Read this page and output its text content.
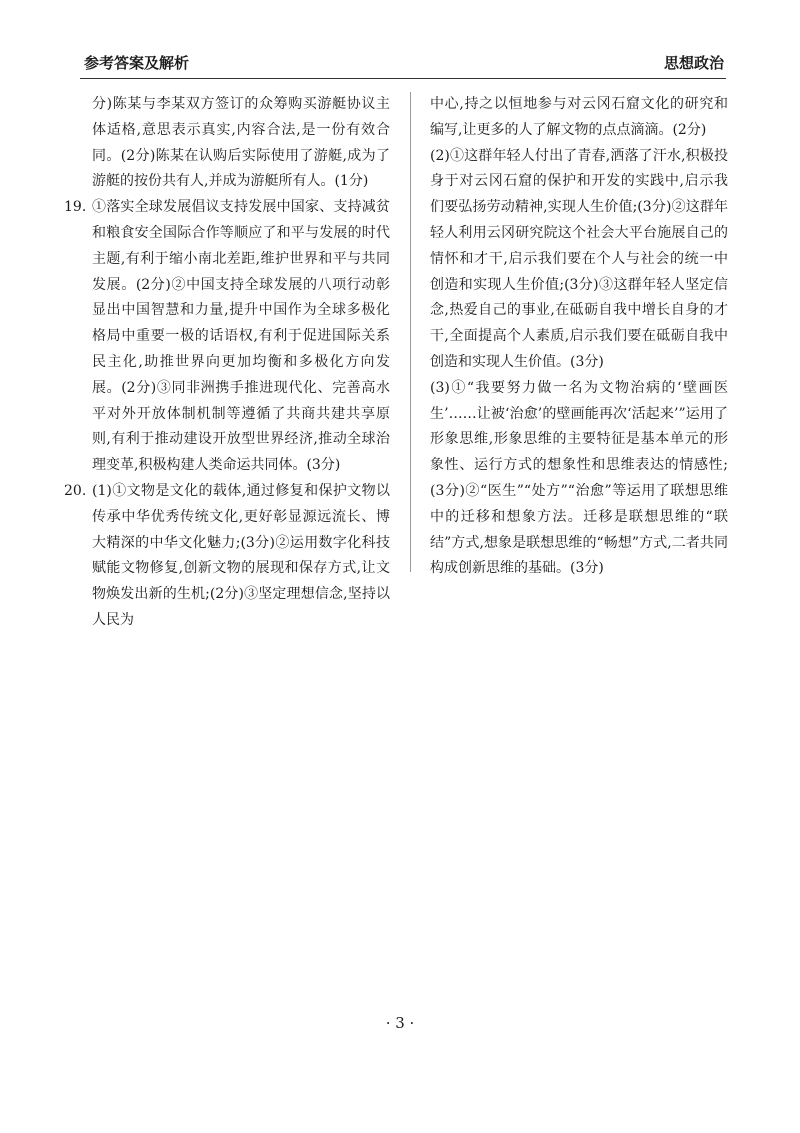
参考答案及解析	思想政治

分)陈某与李某双方签订的众筹购买游艇协议主体适格,意思表示真实,内容合法,是一份有效合同。(2分)陈某在认购后实际使用了游艇,成为了游艇的按份共有人,并成为游艇所有人。(1分)

19. ①落实全球发展倡议支持发展中国家、支持减贫和粮食安全国际合作等顺应了和平与发展的时代主题,有利于缩小南北差距,维护世界和平与共同发展。(2分)②中国支持全球发展的八项行动彰显出中国智慧和力量,提升中国作为全球多极化格局中重要一极的话语权,有利于促进国际关系民主化,助推世界向更加均衡和多极化方向发展。(2分)③同非洲携手推进现代化、完善高水平对外开放体制机制等遵循了共商共建共享原则,有利于推动建设开放型世界经济,推动全球治理变革,积极构建人类命运共同体。(3分)

20. (1)①文物是文化的载体,通过修复和保护文物以传承中华优秀传统文化,更好彰显源远流长、博大精深的中华文化魅力;(3分)②运用数字化科技赋能文物修复,创新文物的展现和保存方式,让文物焕发出新的生机;(2分)③坚定理想信念,坚持以人民为

中心,持之以恒地参与对云冈石窟文化的研究和编写,让更多的人了解文物的点点滴滴。(2分)

(2)①这群年轻人付出了青春,洒落了汗水,积极投身于对云冈石窟的保护和开发的实践中,启示我们要弘扬劳动精神,实现人生价值;(3分)②这群年轻人利用云冈研究院这个社会大平台施展自己的情怀和才干,启示我们要在个人与社会的统一中创造和实现人生价值;(3分)③这群年轻人坚定信念,热爱自己的事业,在砥砺自我中增长自身的才干,全面提高个人素质,启示我们要在砥砺自我中创造和实现人生价值。(3分)

(3)①“我要努力做一名为文物治病的‘壁画医生’……让被‘治愈’的壁画能再次‘活起来’”运用了形象思维,形象思维的主要特征是基本单元的形象性、运行方式的想象性和思维表达的情感性;(3分)②“医生”“处方”“治愈”等运用了联想思维中的迁移和想象方法。迁移是联想思维的“联结”方式,想象是联想思维的“畅想”方式,二者共同构成创新思维的基础。(3分)

· 3 ·
